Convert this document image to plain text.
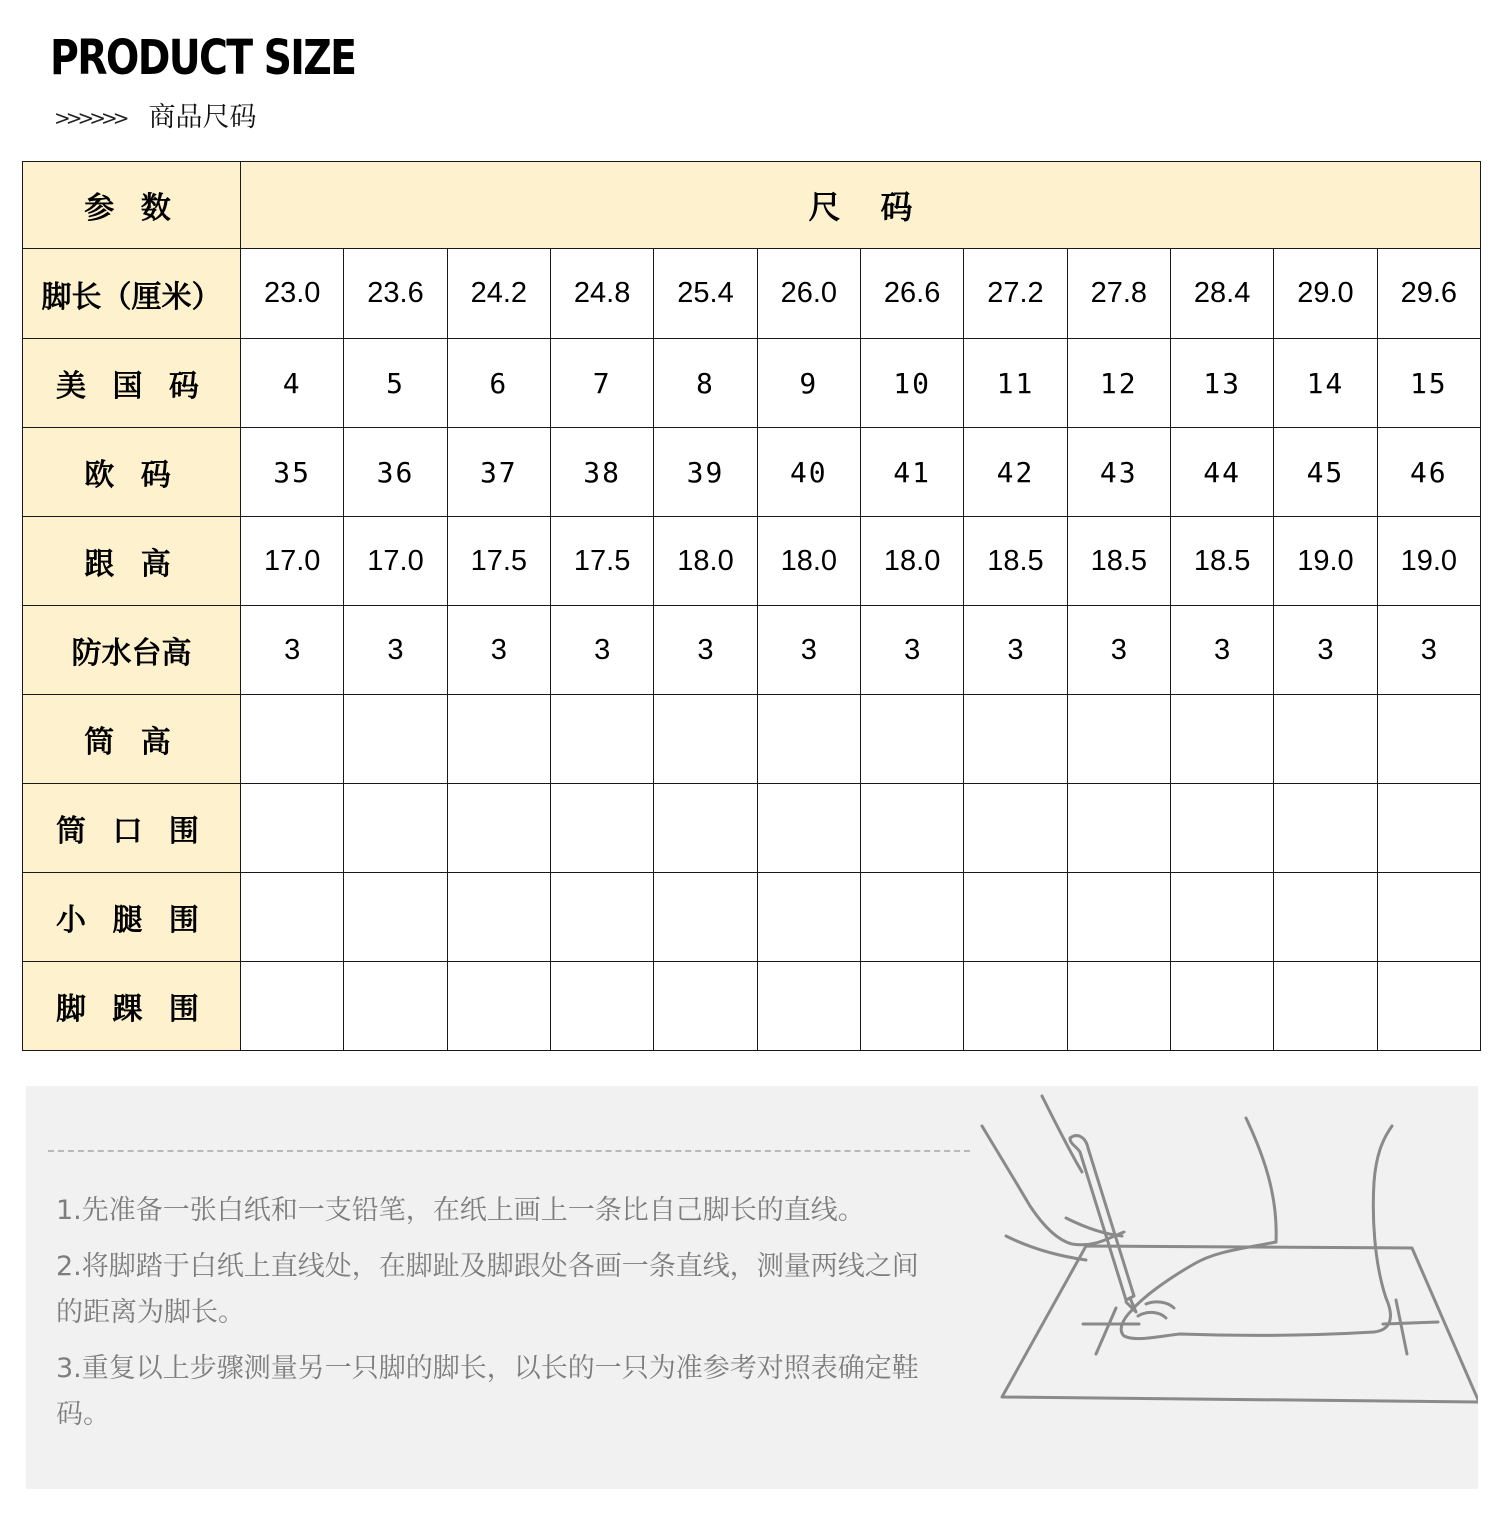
PRODUCT SIZE
>>>>>> 商品尺码
参 数	尺码											
脚长（厘米）	23.0	23.6	24.2	24.8	25.4	26.0	26.6	27.2	27.8	28.4	29.0	29.6
美 国 码	4	5	6	7	8	9	10	11	12	13	14	15
欧 码	35	36	37	38	39	40	41	42	43	44	45	46
跟 高	17.0	17.0	17.5	17.5	18.0	18.0	18.0	18.5	18.5	18.5	19.0	19.0
防水台高	3	3	3	3	3	3	3	3	3	3	3	3
筒 高												
筒 口 围												
小 腿 围												
脚 踝 围												

1.先准备一张白纸和一支铅笔，在纸上画上一条比自己脚长的直线。

2.将脚踏于白纸上直线处，在脚趾及脚跟处各画一条直线，测量两线之间的距离为脚长。

3.重复以上步骤测量另一只脚的脚长，以长的一只为准参考对照表确定鞋码。
